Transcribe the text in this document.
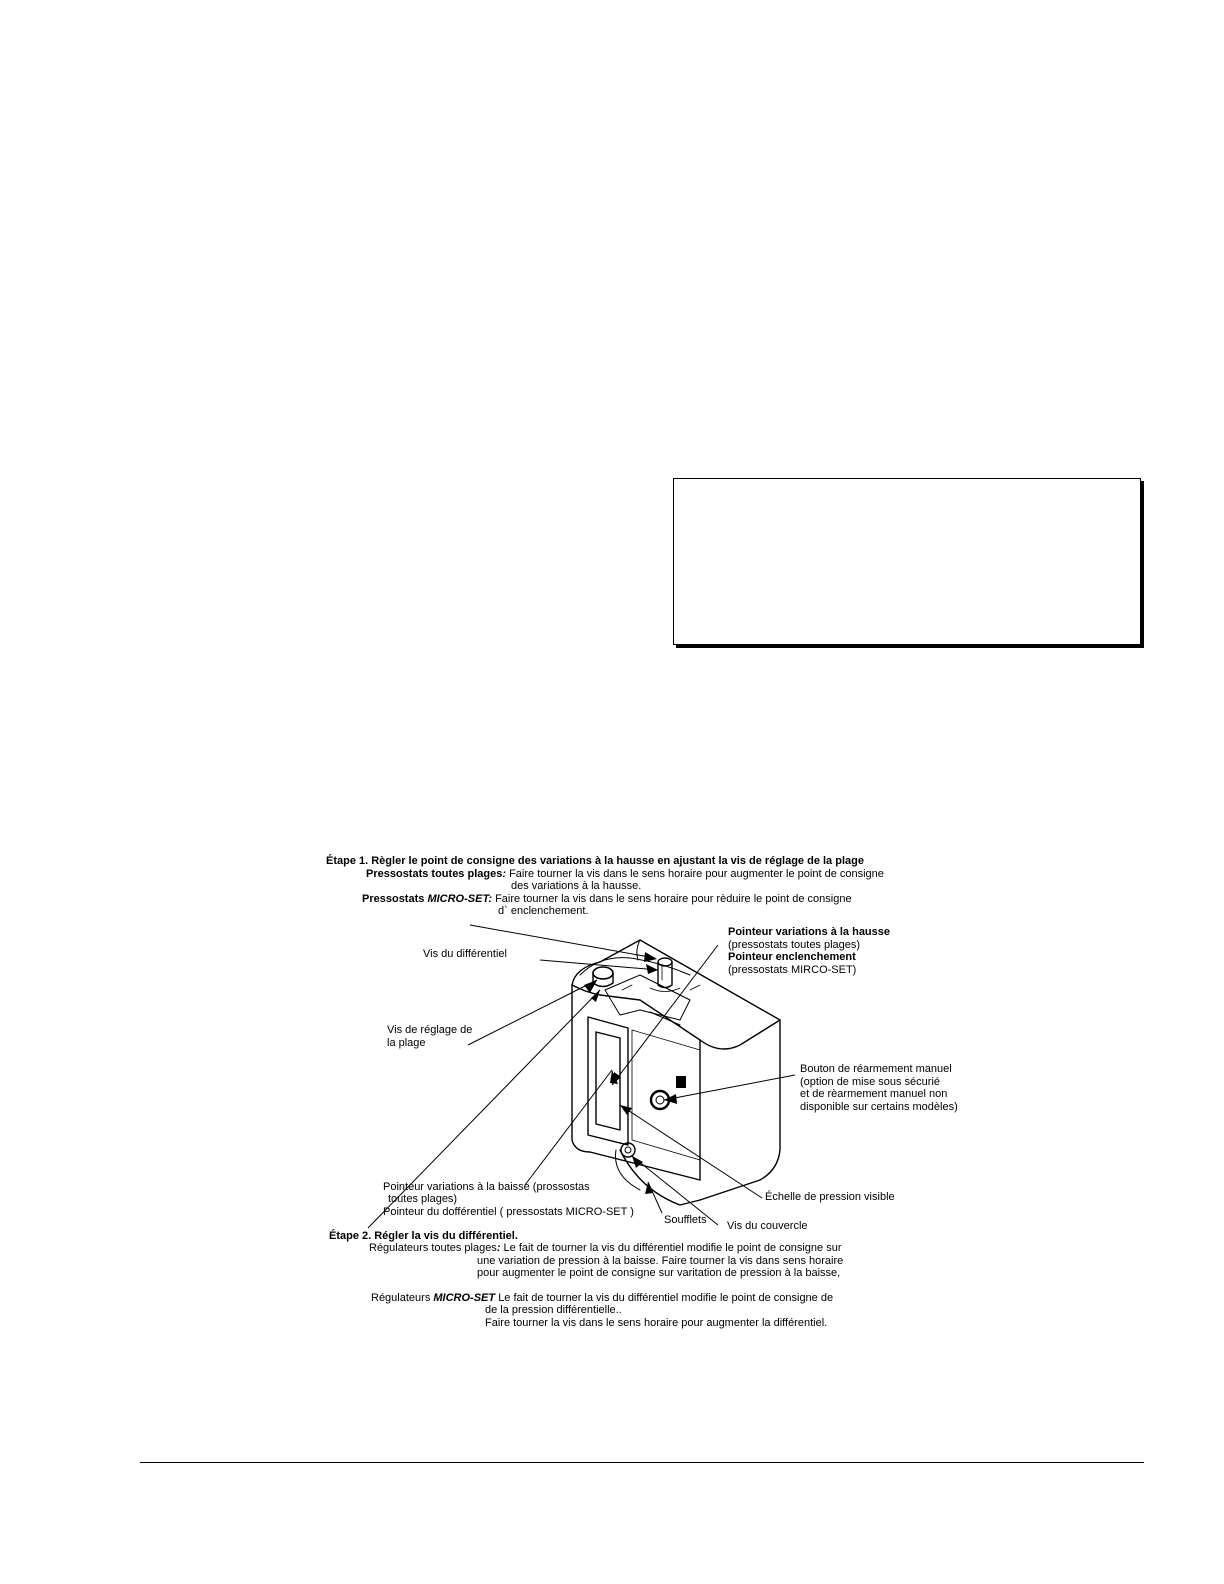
Étape 1. Règler le point de consigne des variations à la hausse en ajustant la vis de réglage de la plage
Pressostats toutes plages: Faire tourner la vis dans le sens horaire pour augmenter le point de consigne
des variations à la hausse.
Pressostats MICRO-SET: Faire tourner la vis dans le sens horaire pour rèduire le point de consigne
d` enclenchement.
Vis du différentiel
Vis de réglage de
la plage
Pointeur variations à la hausse
(pressostats toutes plages)
Pointeur enclenchement
(pressostats MIRCO-SET)
Bouton de réarmement manuel
(option de mise sous sécurié
et de rèarmement manuel non
disponible sur certains modèles)
Pointeur variations à la baisse (prossostas
toutes plages)
Pointeur du dofférentiel ( pressostats MICRO-SET )
Échelle de pression visible
Soufflets Vis du couvercle
Étape 2. Régler la vis du différentiel.
Régulateurs toutes plages: Le fait de tourner la vis du différentiel modifie le point de consigne sur
une variation de pression à la baisse. Faire tourner la vis dans sens horaire
pour augmenter le point de consigne sur varitation de pression à la baisse,
Régulateurs MICRO-SET Le fait de tourner la vis du différentiel modifie le point de consigne de
de la pression différentielle..
Faire tourner la vis dans le sens horaire pour augmenter la différentiel.
